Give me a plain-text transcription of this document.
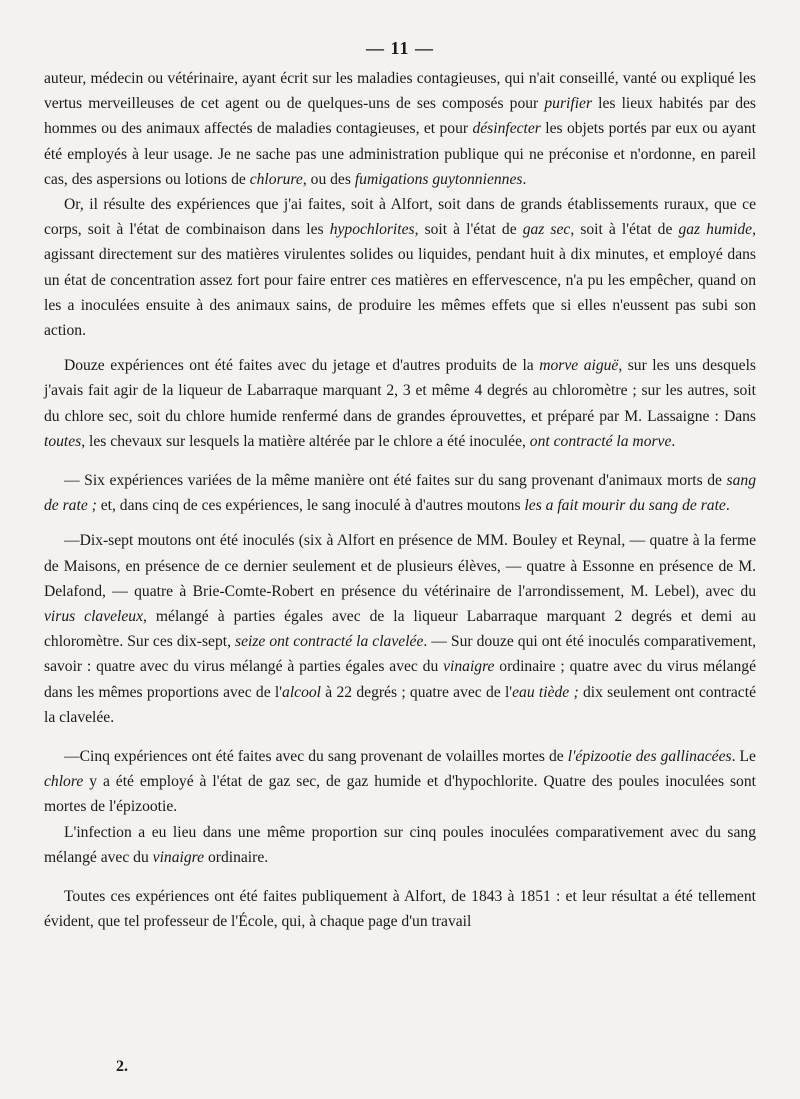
— 11 —

auteur, médecin ou vétérinaire, ayant écrit sur les maladies contagieuses, qui n'ait conseillé, vanté ou expliqué les vertus merveilleuses de cet agent ou de quelques-uns de ses composés pour purifier les lieux habités par des hommes ou des animaux affectés de maladies contagieuses, et pour désinfecter les objets portés par eux ou ayant été employés à leur usage. Je ne sache pas une administration publique qui ne préconise et n'ordonne, en pareil cas, des aspersions ou lotions de chlorure, ou des fumigations guytonniennes.

Or, il résulte des expériences que j'ai faites, soit à Alfort, soit dans de grands établissements ruraux, que ce corps, soit à l'état de combinaison dans les hypochlorites, soit à l'état de gaz sec, soit à l'état de gaz humide, agissant directement sur des matières virulentes solides ou liquides, pendant huit à dix minutes, et employé dans un état de concentration assez fort pour faire entrer ces matières en effervescence, n'a pu les empêcher, quand on les a inoculées ensuite à des animaux sains, de produire les mêmes effets que si elles n'eussent pas subi son action.

Douze expériences ont été faites avec du jetage et d'autres produits de la morve aiguë, sur les uns desquels j'avais fait agir de la liqueur de Labarraque marquant 2, 3 et même 4 degrés au chloromètre ; sur les autres, soit du chlore sec, soit du chlore humide renfermé dans de grandes éprouvettes, et préparé par M. Lassaigne : Dans toutes, les chevaux sur lesquels la matière altérée par le chlore a été inoculée, ont contracté la morve.

— Six expériences variées de la même manière ont été faites sur du sang provenant d'animaux morts de sang de rate ; et, dans cinq de ces expériences, le sang inoculé à d'autres moutons les a fait mourir du sang de rate.

—Dix-sept moutons ont été inoculés (six à Alfort en présence de MM. Bouley et Reynal, — quatre à la ferme de Maisons, en présence de ce dernier seulement et de plusieurs élèves, — quatre à Essonne en présence de M. Delafond, — quatre à Brie-Comte-Robert en présence du vétérinaire de l'arrondissement, M. Lebel), avec du virus claveleux, mélangé à parties égales avec de la liqueur Labarraque marquant 2 degrés et demi au chloromètre. Sur ces dix-sept, seize ont contracté la clavelée. — Sur douze qui ont été inoculés comparativement, savoir : quatre avec du virus mélangé à parties égales avec du vinaigre ordinaire ; quatre avec du virus mélangé dans les mêmes proportions avec de l'alcool à 22 degrés ; quatre avec de l'eau tiède ; dix seulement ont contracté la clavelée.

—Cinq expériences ont été faites avec du sang provenant de volailles mortes de l'épizootie des gallinacées. Le chlore y a été employé à l'état de gaz sec, de gaz humide et d'hypochlorite. Quatre des poules inoculées sont mortes de l'épizootie.

L'infection a eu lieu dans une même proportion sur cinq poules inoculées comparativement avec du sang mélangé avec du vinaigre ordinaire.

Toutes ces expériences ont été faites publiquement à Alfort, de 1843 à 1851 : et leur résultat a été tellement évident, que tel professeur de l'École, qui, à chaque page d'un travail

2.
